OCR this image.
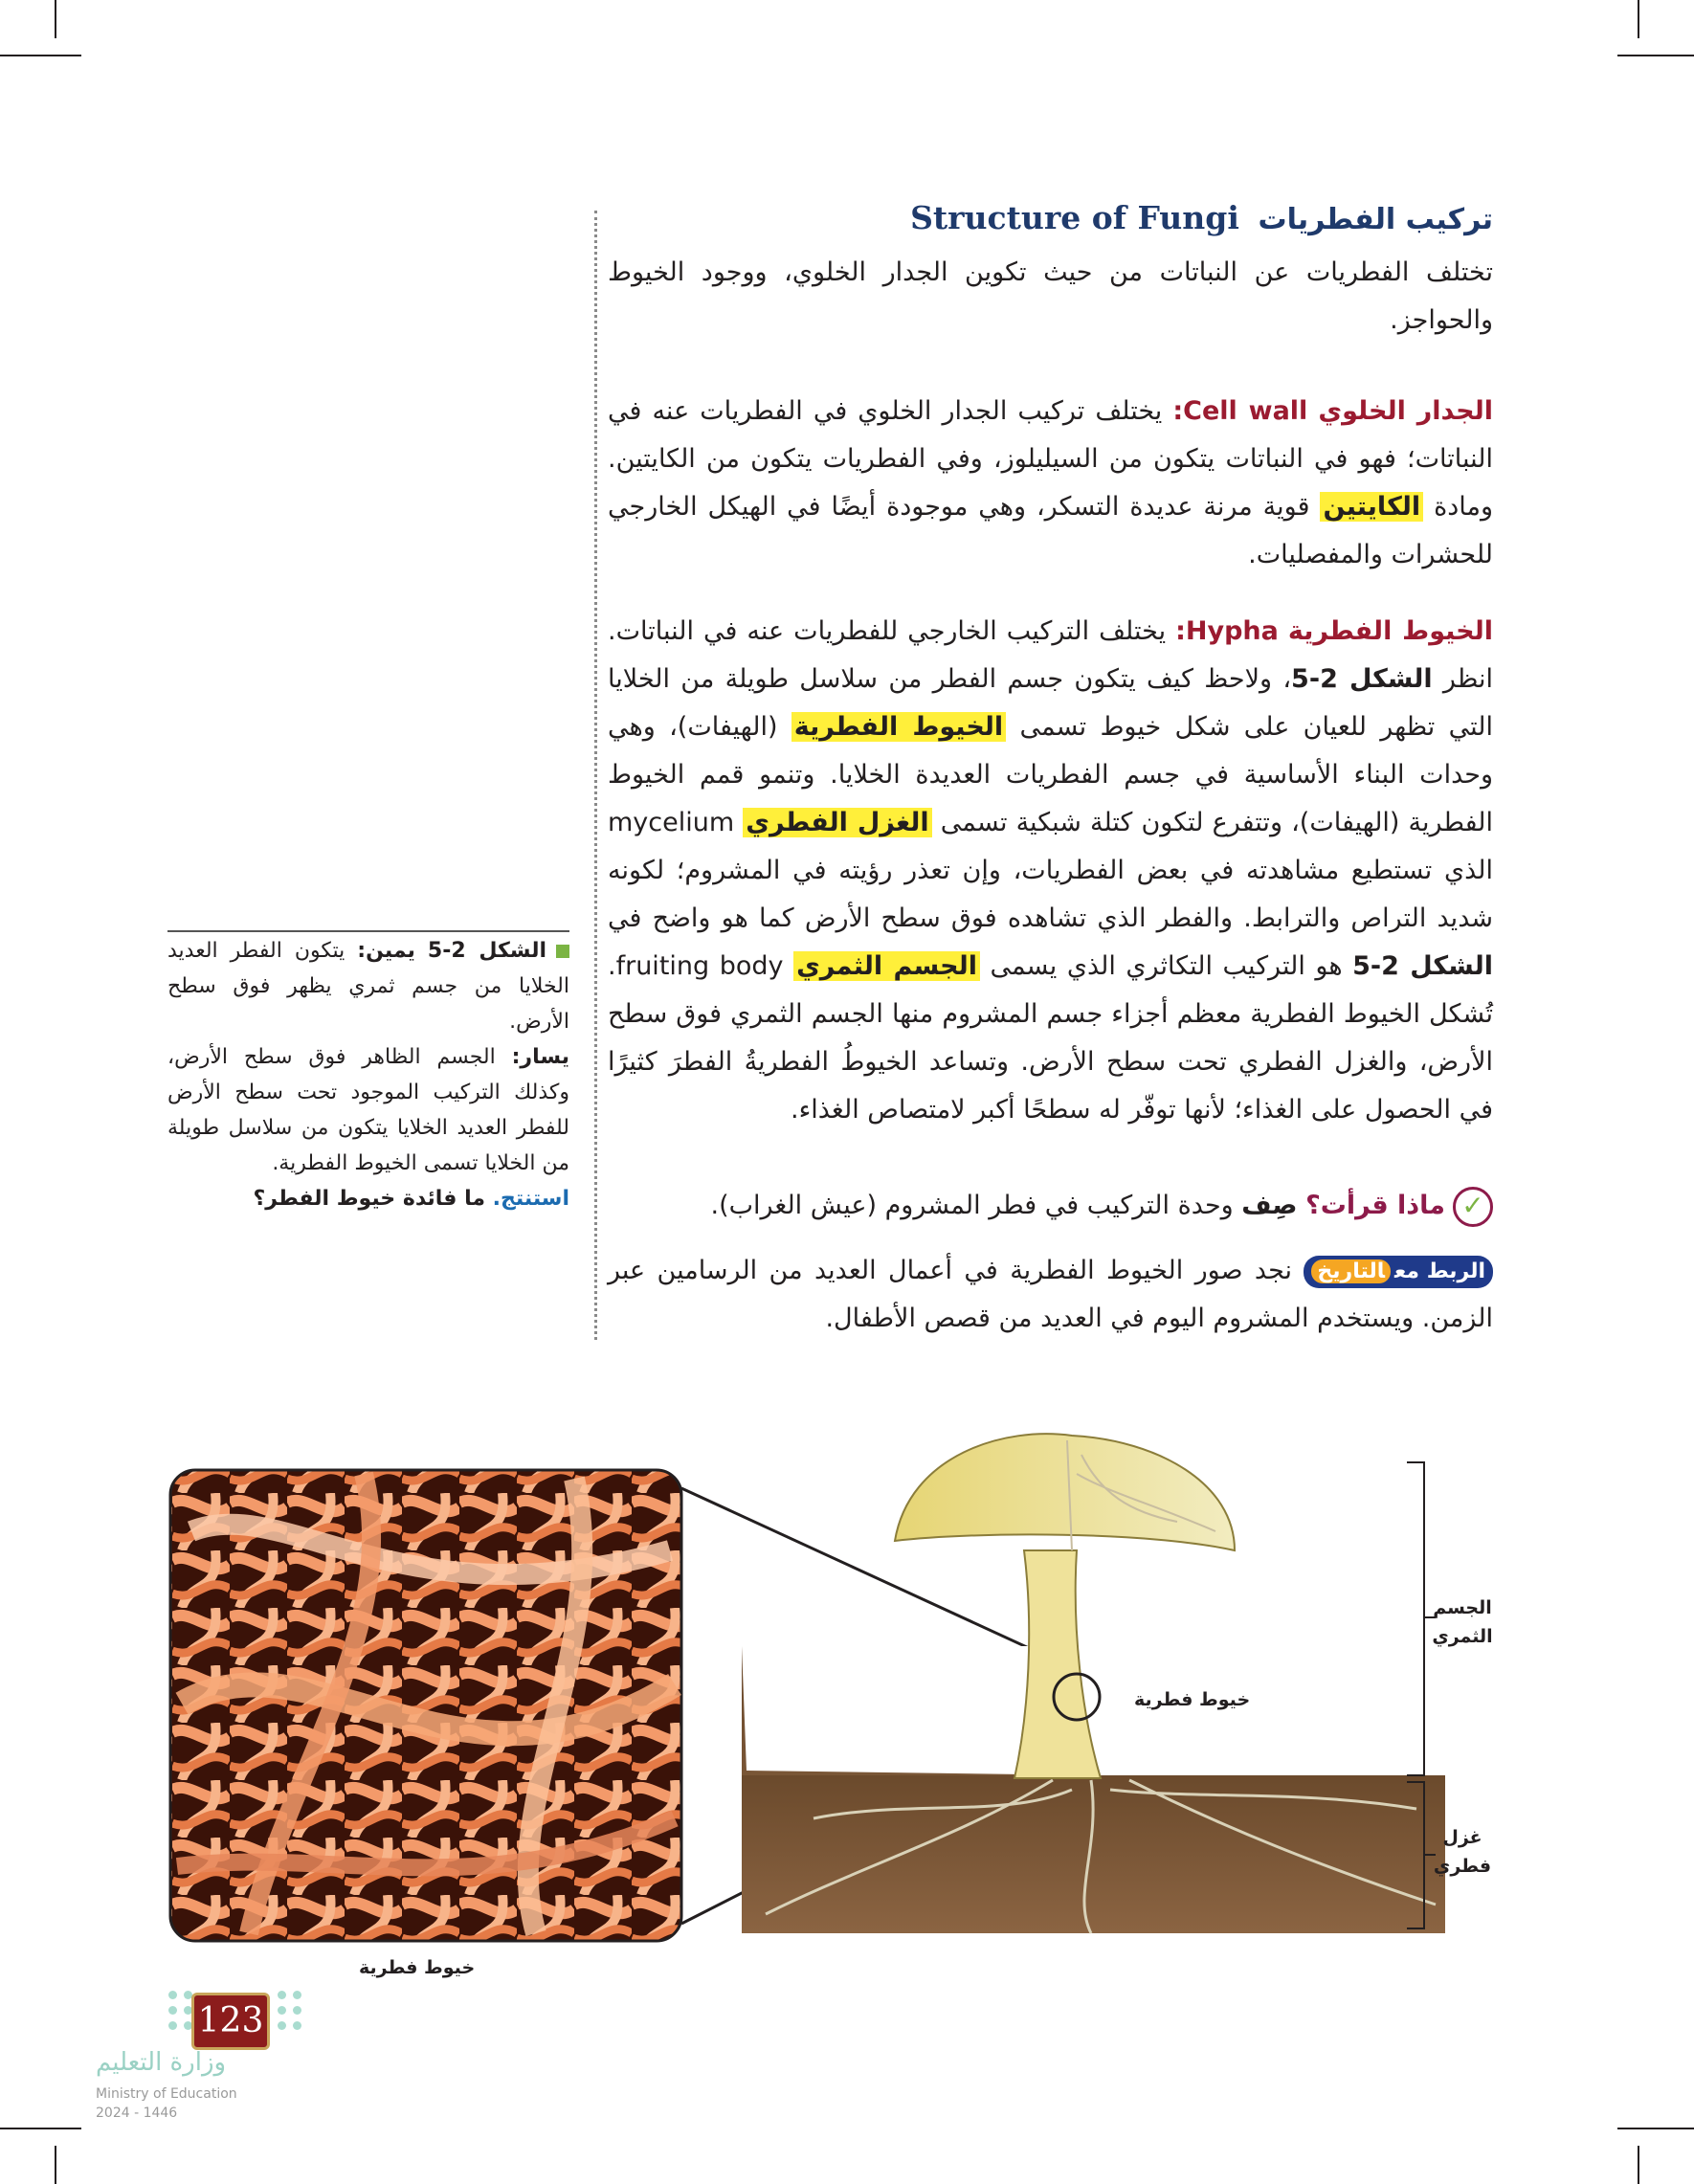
تركيب الفطريات Structure of Fungi

تختلف الفطريات عن النباتات من حيث تكوين الجدار الخلوي، ووجود الخيوط والحواجز.

الجدار الخلوي Cell wall: يختلف تركيب الجدار الخلوي في الفطريات عنه في النباتات؛ فهو في النباتات يتكون من السيليلوز، وفي الفطريات يتكون من الكايتين. ومادة الكايتين قوية مرنة عديدة التسكر، وهي موجودة أيضًا في الهيكل الخارجي للحشرات والمفصليات.

الخيوط الفطرية Hypha: يختلف التركيب الخارجي للفطريات عنه في النباتات. انظر الشكل 2-5، ولاحظ كيف يتكون جسم الفطر من سلاسل طويلة من الخلايا التي تظهر للعيان على شكل خيوط تسمى الخيوط الفطرية (الهيفات)، وهي وحدات البناء الأساسية في جسم الفطريات العديدة الخلايا. وتنمو قمم الخيوط الفطرية (الهيفات)، وتتفرع لتكون كتلة شبكية تسمى الغزل الفطري mycelium الذي تستطيع مشاهدته في بعض الفطريات، وإن تعذر رؤيته في المشروم؛ لكونه شديد التراص والترابط. والفطر الذي تشاهده فوق سطح الأرض كما هو واضح في الشكل 2-5 هو التركيب التكاثري الذي يسمى الجسم الثمري fruiting body. تُشكل الخيوط الفطرية معظم أجزاء جسم المشروم منها الجسم الثمري فوق سطح الأرض، والغزل الفطري تحت سطح الأرض. وتساعد الخيوطُ الفطريةُ الفطرَ كثيرًا في الحصول على الغذاء؛ لأنها توفّر له سطحًا أكبر لامتصاص الغذاء.

✓ماذا قرأت؟ صِف وحدة التركيب في فطر المشروم (عيش الغراب).

الربط معالتاريخ نجد صور الخيوط الفطرية في أعمال العديد من الرسامين عبر الزمن. ويستخدم المشروم اليوم في العديد من قصص الأطفال.

الشكل 2-5 يمين: يتكون الفطر العديد الخلايا من جسم ثمري يظهر فوق سطح الأرض.
يسار: الجسم الظاهر فوق سطح الأرض، وكذلك التركيب الموجود تحت سطح الأرض للفطر العديد الخلايا يتكون من سلاسل طويلة من الخلايا تسمى الخيوط الفطرية.
استنتج. ما فائدة خيوط الفطر؟
خيوط فطرية
خيوط فطرية
الجسم
الثمري
غزل
فطري
123
وزارة التعليم
Ministry of Education
2024 - 1446
